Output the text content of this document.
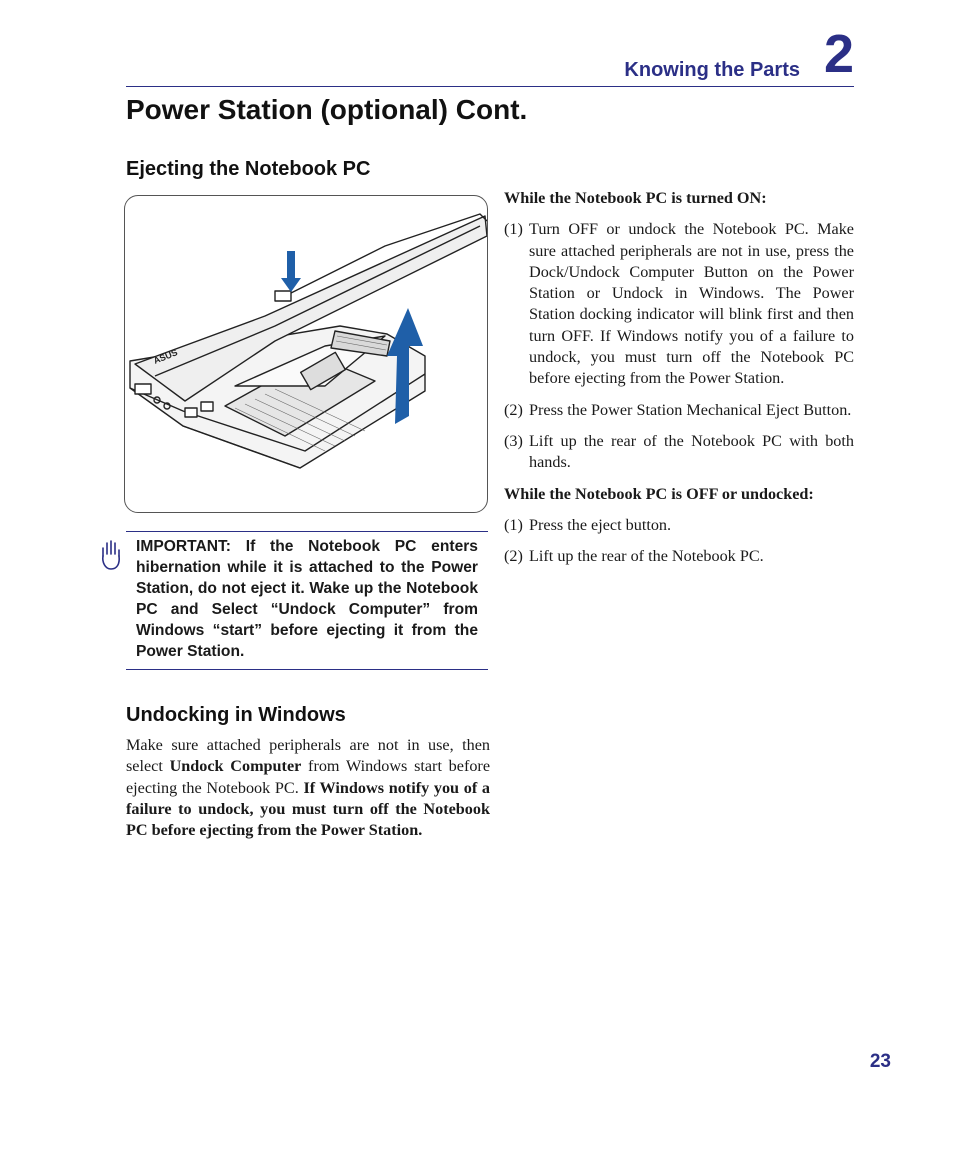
Knowing the Parts 2
Power Station (optional) Cont.
Ejecting the Notebook PC
ASUS

IMPORTANT: If the Notebook PC enters hibernation while it is attached to the Power Station, do not eject it. Wake up the Notebook PC and Select “Undock Computer” from Windows “start” before ejecting it from the Power Station.

Undocking in Windows

Make sure attached peripherals are not in use, then select Undock Computer from Windows start before ejecting the Notebook PC. If Windows notify you of a failure to undock, you must turn off the Notebook PC before ejecting from the Power Station.

While the Notebook PC is turned ON:

(1) Turn OFF or undock the Notebook PC. Make sure attached peripherals are not in use, press the Dock/Undock Computer Button on the Power Station or Undock in Windows. The Power Station docking indicator will blink first and then turn OFF. If Windows notify you of a failure to undock, you must turn off the Notebook PC before ejecting from the Power Station.

(2) Press the Power Station Mechanical Eject Button.

(3) Lift up the rear of the Notebook PC with both hands.

While the Notebook PC is OFF or undocked:

(1) Press the eject button.

(2) Lift up the rear of the Notebook PC.

23
